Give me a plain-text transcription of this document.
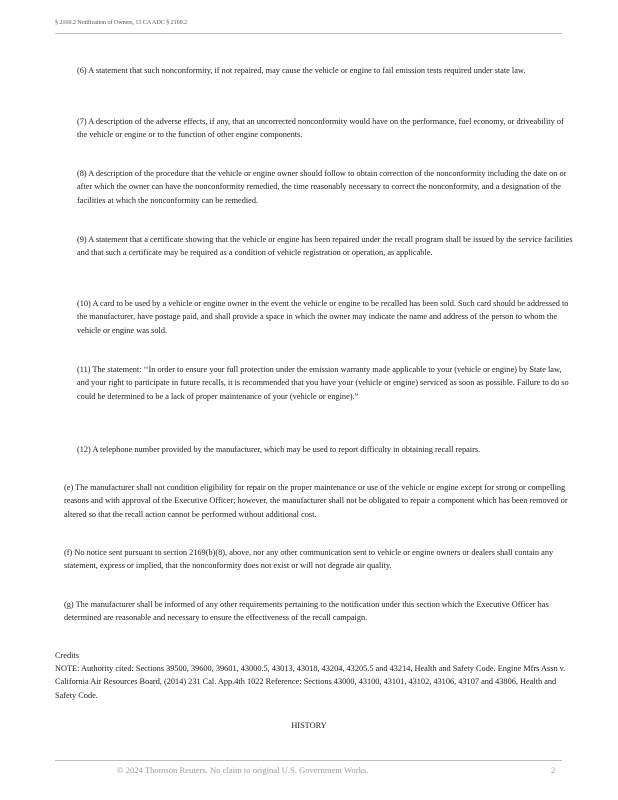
§ 2169.2 Notification of Owners, 13 CA ADC § 2169.2

(6) A statement that such nonconformity, if not repaired, may cause the vehicle or engine to fail emission tests required under state law.

(7) A description of the adverse effects, if any, that an uncorrected nonconformity would have on the performance, fuel economy, or driveability of the vehicle or engine or to the function of other engine components.

(8) A description of the procedure that the vehicle or engine owner should follow to obtain correction of the nonconformity including the date on or after which the owner can have the nonconformity remedied, the time reasonably necessary to correct the nonconformity, and a designation of the facilities at which the nonconformity can be remedied.

(9) A statement that a certificate showing that the vehicle or engine has been repaired under the recall program shall be issued by the service facilities and that such a certificate may be required as a condition of vehicle registration or operation, as applicable.

(10) A card to be used by a vehicle or engine owner in the event the vehicle or engine to be recalled has been sold. Such card should be addressed to the manufacturer, have postage paid, and shall provide a space in which the owner may indicate the name and address of the person to whom the vehicle or engine was sold.

(11) The statement: ‘‘In order to ensure your full protection under the emission warranty made applicable to your (vehicle or engine) by State law, and your right to participate in future recalls, it is recommended that you have your (vehicle or engine) serviced as soon as possible. Failure to do so could be determined to be a lack of proper maintenance of your (vehicle or engine).”

(12) A telephone number provided by the manufacturer, which may be used to report difficulty in obtaining recall repairs.

(e) The manufacturer shall not condition eligibility for repair on the proper maintenance or use of the vehicle or engine except for strong or compelling reasons and with approval of the Executive Officer; however, the manufacturer shall not be obligated to repair a component which has been removed or altered so that the recall action cannot be performed without additional cost.

(f) No notice sent pursuant to section 2169(b)(8), above, nor any other communication sent to vehicle or engine owners or dealers shall contain any statement, express or implied, that the nonconformity does not exist or will not degrade air quality.

(g) The manufacturer shall be informed of any other requirements pertaining to the notification under this section which the Executive Officer has determined are reasonable and necessary to ensure the effectiveness of the recall campaign.

Credits

NOTE: Authority cited: Sections 39500, 39600, 39601, 43000.5, 43013, 43018, 43204, 43205.5 and 43214, Health and Safety Code. Engine Mfrs Assn v. California Air Resources Board, (2014) 231 Cal. App.4th 1022 Reference: Sections 43000, 43100, 43101, 43102, 43106, 43107 and 43806, Health and Safety Code.

HISTORY
© 2024 Thomson Reuters. No claim to original U.S. Government Works.	2
